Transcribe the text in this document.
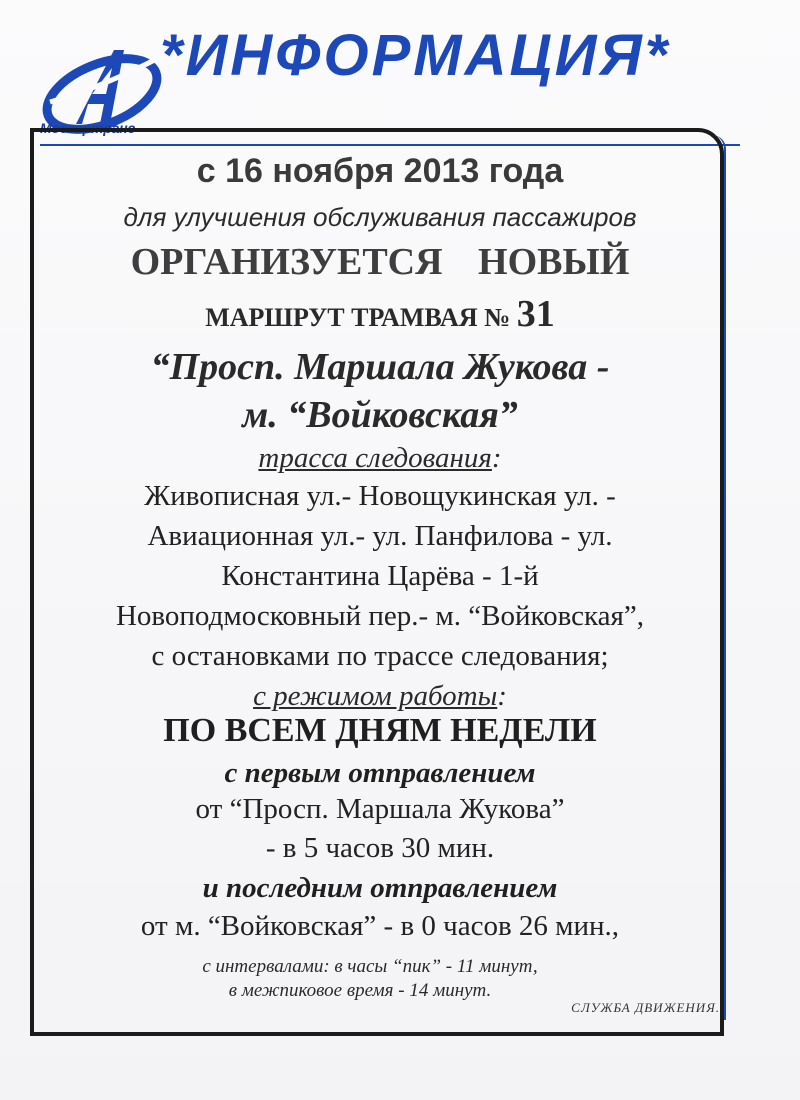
Мосгортранс
*ИНФОРМАЦИЯ*
с 16 ноября 2013 года
для улучшения обслуживания пассажиров
ОРГАНИЗУЕТСЯ НОВЫЙ
МАРШРУТ ТРАМВАЯ № 31
“Просп. Маршала Жукова -
м. “Войковская”
трасса следования:
Живописная ул.- Новощукинская ул. -
Авиационная ул.- ул. Панфилова - ул.
Константина Царёва - 1-й
Новоподмосковный пер.- м. “Войковская”,
с остановками по трассе следования;
с режимом работы:
ПО ВСЕМ ДНЯМ НЕДЕЛИ
с первым отправлением
от “Просп. Маршала Жукова”
- в 5 часов 30 мин.
и последним отправлением
от м. “Войковская” - в 0 часов 26 мин.,
с интервалами: в часы “пик” - 11 минут,
в межпиковое время - 14 минут.
СЛУЖБА ДВИЖЕНИЯ.
